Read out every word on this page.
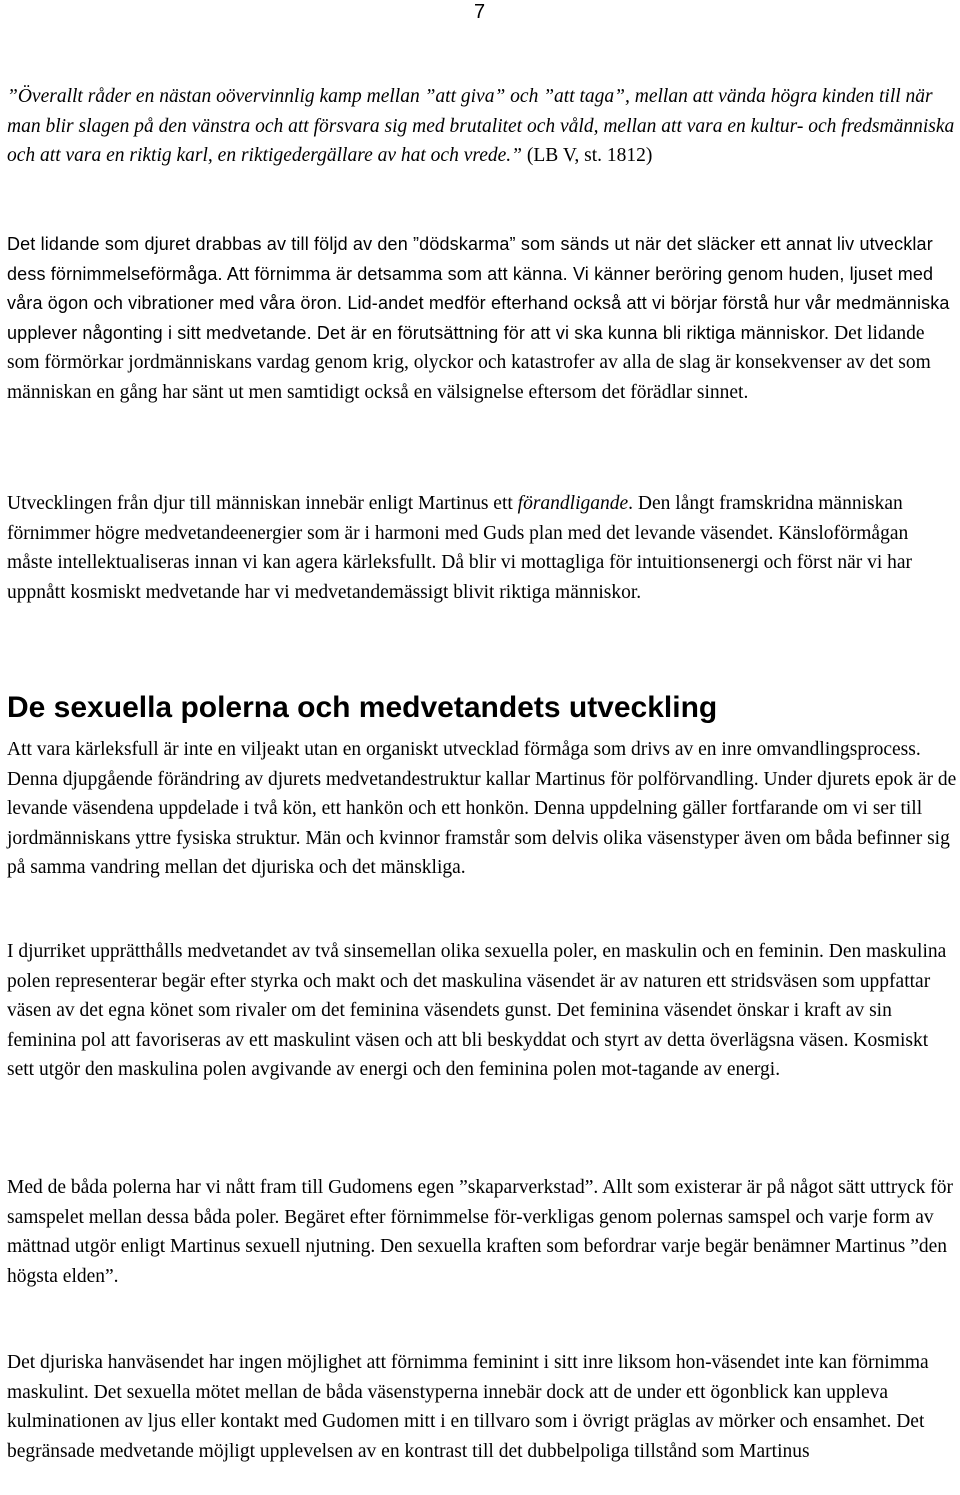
7

”Överallt råder en nästan oövervinnlig kamp mellan ”att giva” och ”att taga”, mellan att vända högra kinden till när man blir slagen på den vänstra och att försvara sig med brutalitet och våld, mellan att vara en kultur- och fredsmänniska och att vara en riktig karl, en riktigedergällare av hat och vrede.” (LB V, st. 1812)

Det lidande som djuret drabbas av till följd av den ”dödskarma” som sänds ut när det släcker ett annat liv utvecklar dess förnimmelseförmåga. Att förnimma är detsamma som att känna. Vi känner beröring genom huden, ljuset med våra ögon och vibrationer med våra öron. Lid-andet medför efterhand också att vi börjar förstå hur vår medmänniska upplever någonting i sitt medvetande. Det är en förutsättning för att vi ska kunna bli riktiga människor. Det lidande som förmörkar jordmänniskans vardag genom krig, olyckor och katastrofer av alla de slag är konsekvenser av det som människan en gång har sänt ut men samtidigt också en välsignelse eftersom det förädlar sinnet.

Utvecklingen från djur till människan innebär enligt Martinus ett förandligande. Den långt framskridna människan förnimmer högre medvetandeenergier som är i harmoni med Guds plan med det levande väsendet. Känsloförmågan måste intellektualiseras innan vi kan agera kärleksfullt. Då blir vi mottagliga för intuitionsenergi och först när vi har uppnått kosmiskt medvetande har vi medvetandemässigt blivit riktiga människor.

De sexuella polerna och medvetandets utveckling

Att vara kärleksfull är inte en viljeakt utan en organiskt utvecklad förmåga som drivs av en inre omvandlingsprocess. Denna djupgående förändring av djurets medvetandestruktur kallar Martinus för polförvandling. Under djurets epok är de levande väsendena uppdelade i två kön, ett hankön och ett honkön. Denna uppdelning gäller fortfarande om vi ser till jordmänniskans yttre fysiska struktur. Män och kvinnor framstår som delvis olika väsenstyper även om båda befinner sig på samma vandring mellan det djuriska och det mänskliga.

I djurriket upprätthålls medvetandet av två sinsemellan olika sexuella poler, en maskulin och en feminin. Den maskulina polen representerar begär efter styrka och makt och det maskulina väsendet är av naturen ett stridsväsen som uppfattar väsen av det egna könet som rivaler om det feminina väsendets gunst. Det feminina väsendet önskar i kraft av sin feminina pol att favoriseras av ett maskulint väsen och att bli beskyddat och styrt av detta överlägsna väsen. Kosmiskt sett utgör den maskulina polen avgivande av energi och den feminina polen mot-tagande av energi.

Med de båda polerna har vi nått fram till Gudomens egen ”skaparverkstad”. Allt som existerar är på något sätt uttryck för samspelet mellan dessa båda poler. Begäret efter förnimmelse för-verkligas genom polernas samspel och varje form av mättnad utgör enligt Martinus sexuell njutning. Den sexuella kraften som befordrar varje begär benämner Martinus ”den högsta elden”.

Det djuriska hanväsendet har ingen möjlighet att förnimma feminint i sitt inre liksom hon-väsendet inte kan förnimma maskulint. Det sexuella mötet mellan de båda väsenstyperna innebär dock att de under ett ögonblick kan uppleva kulminationen av ljus eller kontakt med Gudomen mitt i en tillvaro som i övrigt präglas av mörker och ensamhet. Det begränsade medvetande möjligt upplevelsen av en kontrast till det dubbelpoliga tillstånd som Martinus
